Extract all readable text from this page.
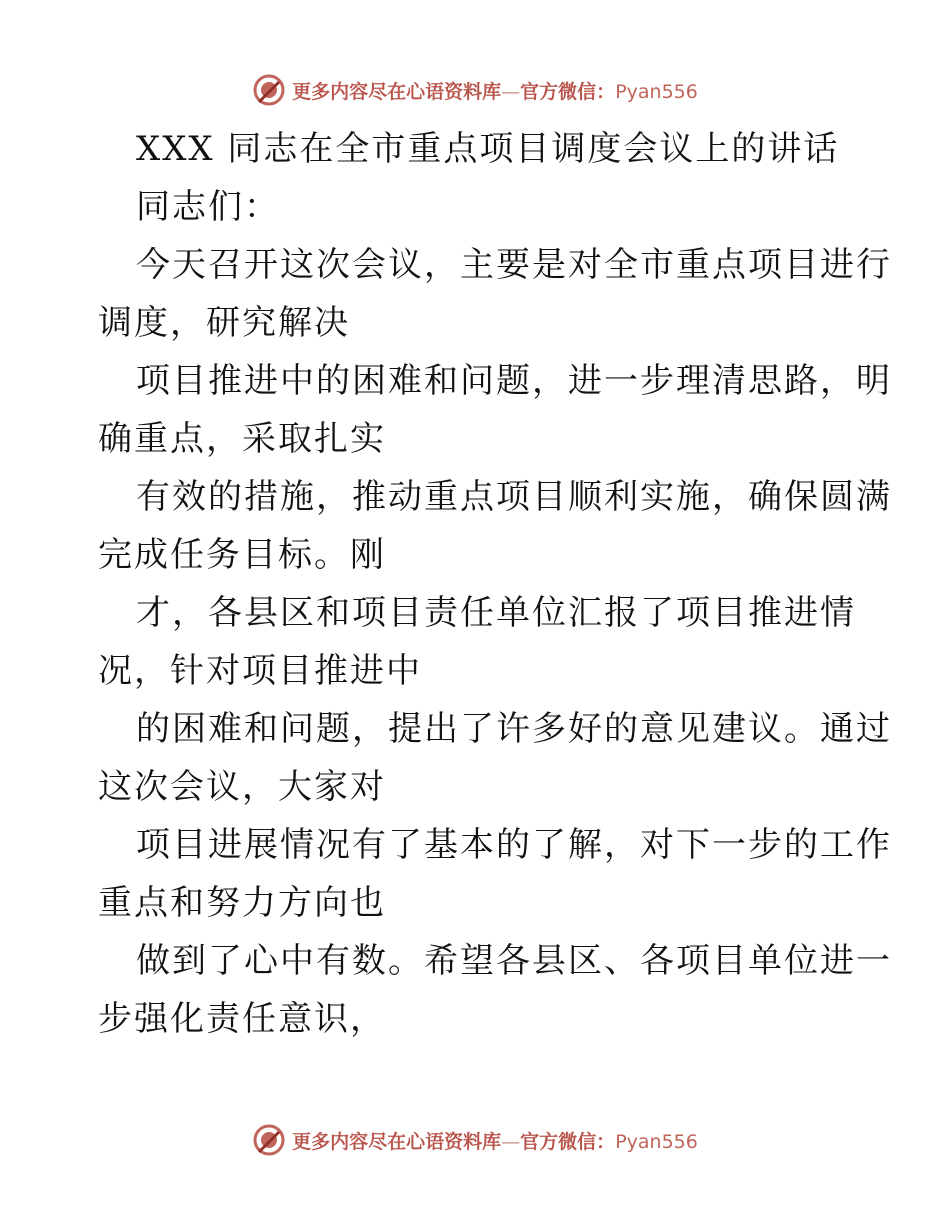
更多内容尽在心语资料库—官方微信：Pyan556
XXX 同志在全市重点项目调度会议上的讲话
同志们：
今天召开这次会议，主要是对全市重点项目进行
调度，研究解决
项目推进中的困难和问题，进一步理清思路，明
确重点，采取扎实
有效的措施，推动重点项目顺利实施，确保圆满
完成任务目标。刚
才，各县区和项目责任单位汇报了项目推进情
况，针对项目推进中
的困难和问题，提出了许多好的意见建议。通过
这次会议，大家对
项目进展情况有了基本的了解，对下一步的工作
重点和努力方向也
做到了心中有数。希望各县区、各项目单位进一
步强化责任意识，
更多内容尽在心语资料库—官方微信：Pyan556
